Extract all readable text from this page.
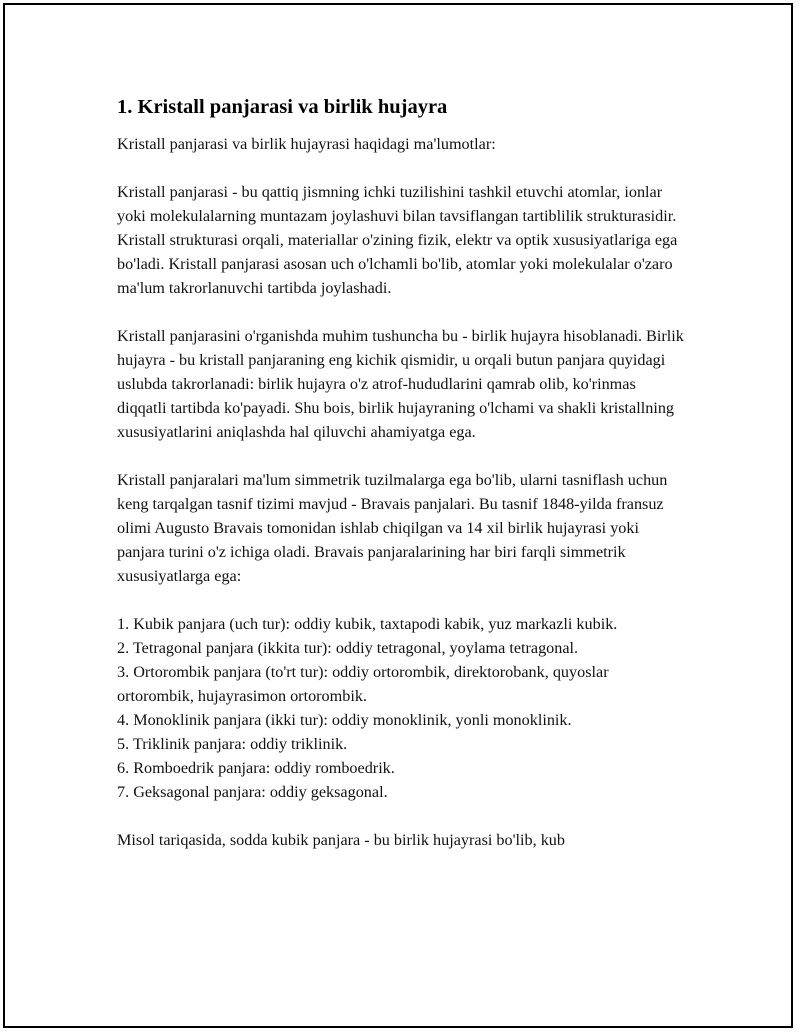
1. Kristall panjarasi va birlik hujayra

Kristall panjarasi va birlik hujayrasi haqidagi ma'lumotlar:

Kristall panjarasi - bu qattiq jismning ichki tuzilishini tashkil etuvchi atomlar, ionlar yoki molekulalarning muntazam joylashuvi bilan tavsiflangan tartiblilik strukturasidir. Kristall strukturasi orqali, materiallar o'zining fizik, elektr va optik xususiyatlariga ega bo'ladi. Kristall panjarasi asosan uch o'lchamli bo'lib, atomlar yoki molekulalar o'zaro ma'lum takrorlanuvchi tartibda joylashadi.

Kristall panjarasini o'rganishda muhim tushuncha bu - birlik hujayra hisoblanadi. Birlik hujayra - bu kristall panjaraning eng kichik qismidir, u orqali butun panjara quyidagi uslubda takrorlanadi: birlik hujayra o'z atrof-hududlarini qamrab olib, ko'rinmas diqqatli tartibda ko'payadi. Shu bois, birlik hujayraning o'lchami va shakli kristallning xususiyatlarini aniqlashda hal qiluvchi ahamiyatga ega.

Kristall panjaralari ma'lum simmetrik tuzilmalarga ega bo'lib, ularni tasniflash uchun keng tarqalgan tasnif tizimi mavjud - Bravais panjalari. Bu tasnif 1848-yilda fransuz olimi Augusto Bravais tomonidan ishlab chiqilgan va 14 xil birlik hujayrasi yoki panjara turini o'z ichiga oladi. Bravais panjaralarining har biri farqli simmetrik xususiyatlarga ega:

1. Kubik panjara (uch tur): oddiy kubik, taxtapodi kabik, yuz markazli kubik.
2. Tetragonal panjara (ikkita tur): oddiy tetragonal, yoylama tetragonal.
3. Ortorombik panjara (to'rt tur): oddiy ortorombik, direktorobank, quyoslar ortorombik, hujayrasimon ortorombik.
4. Monoklinik panjara (ikki tur): oddiy monoklinik, yonli monoklinik.
5. Triklinik panjara: oddiy triklinik.
6. Romboedrik panjara: oddiy romboedrik.
7. Geksagonal panjara: oddiy geksagonal.

Misol tariqasida, sodda kubik panjara - bu birlik hujayrasi bo'lib, kub
